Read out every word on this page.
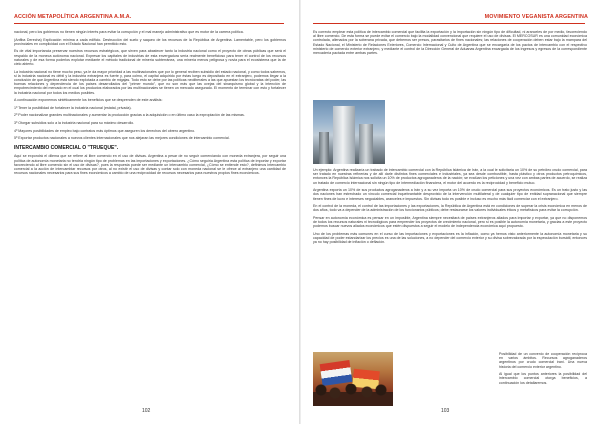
ACCIÓN METAPOLÍTICA ARGENTINA A.M.A.

nacional, pero los gobiernos no tienen ningún interés para evitar la corrupción y el mal manejo administrativo que es motor de la carrera política.

(Anfiba Derecha) Explicación mínima a cada edificio. Destrucción del suelo y saqueo de los recursos de la República de Argentina. Lamentable, pero los gobiernos provinciales en complicidad con el Estado Nacional han permitido esto.

Es de vital importancia preservar nuestros recursos estratégicos, que sirven para abastecer tanto la industria nacional como el proyecto de obras públicas que será el respaldo de la moneca autónoma nacional. Expresar los capitales de industrias de esta envergadura sería realmente beneficioso para tener el control de los recursos naturales y de esa forma poderlos explotar mediante el método tradicional de minería subterránea, una minería menos peligrosa y novia para el ecosistema que la de cielo abierto.

La industria nacional no tiene mucho peso, ya le da mayor prioridad a las multinacionales que por lo general reciben subsidio del estado nacional, y como todos sabemos, si la industria nacional es débil y la industria extranjera es fuerte y, para colmo, el capital adquirido por éstas luego es depositado en el extranjero, podemos llegar a la conclusión de que Argentina está siendo explotada a cambio de migajas. Todo esto se debe por las políticas neoliberales a las que apuestan los tecnócratas del poder, las buenas relaciones y dependencia de los países desarrollados del "primer mundo", que no son más que las ovejas del sinarquismo global y la intención de empobrecimiento del mercado en el cual los productos elaborados por las multinacionales se tienen un mercado asegurado. El momento de terminar con esto y fortalecer la industria nacional por todos los medios posibles.

A continuación exponemos sintéticamente los beneficios que se desprenden de este análisis:

1º Tener la posibilidad de fortalecer la industria nacional (estatal, privada).

2º Poder nacionalizar grandes multinacionales y aumentar la producción gracias a la adquisición o en último caso la expropiación de las mismas.

3º Otorgar subsidios solo a la industria nacional para su máximo desarrollo.

4º Mayores posibilidades de empleo bajo contratos más óptimos que aseguren los derechos del obrero argentino.

5º Exportar productos nacionales a nuevos clientes internacionales que nos alejaran las mejores condiciones de intercambio comercial.

INTERCAMBIO COMERCIAL O "TRUEQUE".

Aquí se expondrá el dilema que se refiere al libre comercio en el uso de divisas. Argentina a pesar de no seguir comerciando con moneda extranjera, por seguir una política de autonomía monetaria no tendría ningún tipo de problemas en las importaciones y exportaciones. ¿Cómo seguiría Argentina esta política de importar y exportar favoreciendo al libre comercio sin el uso de divisas?, pues la respuesta puede ser mediante un intercambio comercial, ¿Cómo se entiende esto?, definimos intercambio comercial a la acción de intercambiar recursos por otros, al no existir el uso de divisas y contar solo con moneda nacional se le ofrece al extranjero una cantidad de recursos nacionales necesarios para sus fines económicos a cambio de una reciprocidad de recursos necesarios para nuestros propios fines económicos.

102
MOVIMIENTO VEGANISTA ARGENTINA

Es correcto emplear esta política de intercambio comercial que facilita la exportación y la importación sin ningún tipo de dificultad, ni aranceles de por medio, favoreciendo al libre comercio. De esta forma se puede evitar el comercio bajo la modalidad convencional que requiere el uso de divisas. El MERCOSUR es una comunidad económica controlada, alienados por la soberana privada, que debemos ser presos, parasitarios de fines nacionales; las relaciones de cooperación deben estar bajo la mampara del Estado Nacional, el Ministerio de Relaciones Exteriores, Comercio Internacional y Culto de Argentina que se encargaría de los pactos de intercambio con el respectivo ministerio de comercio exterior extranjero, y mediante el control de la Dirección General de Aduanas Argentina encargada de los ingresos y egresos de la correspondiente mercadería pactada entre ambas partes.

Un ejemplo: Argentina realizaría un trabado de intercambio comercial con la República Islámica de Irán, a la cual le solicitaría un 10% de su petróleo crudo comercial, para ser tratado en nuestras refinerías y de allí darle distintos fines comerciales e industriales, ya sea desde combustible, hasta plástico y otros productos petroquímicos, entonces la República Islámica nos solicita un 10% de productos agroganaderos de la nación; se evalúan los peticiones y una vez con ambas partes de acuerdo, se realiza un tratado de comercio internacional sin ningún tipo de intermediación financiera, el motor del acuerdo es la reciprocidad y beneficio mutuo.

Argentina exporta un 10% de sus productos agroganaderos a Irán y a su vez importa un 10% de crudo comercial para sus proyectos económicos. Es un trato justo y las dos naciones han estrechado un vínculo comercial inquebrantable desprovisto de la intervención multilateral y de cualquier tipo de entidad supranacional que siempre tienen fines de lucro e intereses negociables, aranceles e impuestos. Sin divisas todo es posible e incluso es mucho más fácil comerciar con el extranjero.

En el control de la moneda, el control de las importaciones y las exportaciones, la República de Argentina está en condiciones de superar la crisis económica en menos de dos años, todo va a depender de la administración de los funcionarios públicos; debe restaurarse los valores individuales éticos y metafísicos para evitar la corrupción.

Pensar en autonomía económica es pensar en un imposible, Argentina siempre necesitará de países extranjeros aliados para importar y exportar, ya que no disponemos de todos los recursos naturales ni tecnológicos para emprender los proyectos de crecimiento nacional, pero sí es posible la autonomía monetaria, y gracias a este proyecto podemos buscar nuevos aliados económicos que estén dispuestos a seguir el modelo de independencia económica aquí propuesto.

Uno de los problemas más comunes en el curso de las importaciones y exportaciones es la inflación, como ya hemos visto anteriormente la autonomía monetaria y su capacidad de poder estandarizar los precios es una de las soluciones, a no depender del comercio exterior y su divisa sobrevalorada por la especulación bursátil, entonces ya no hay posibilidad de inflación o deflación.

Posibilidad de un convenio de cooperación recíproca en varios ámbitos. Recursos agroganaderos argentinos por crudo comercial iraní. Una nueva historia del comercio exterior argentino.

Al igual que los puntos anteriores la posibilidad del intercambio comercial otorga beneficios, a continuación los detallaremos.

103
